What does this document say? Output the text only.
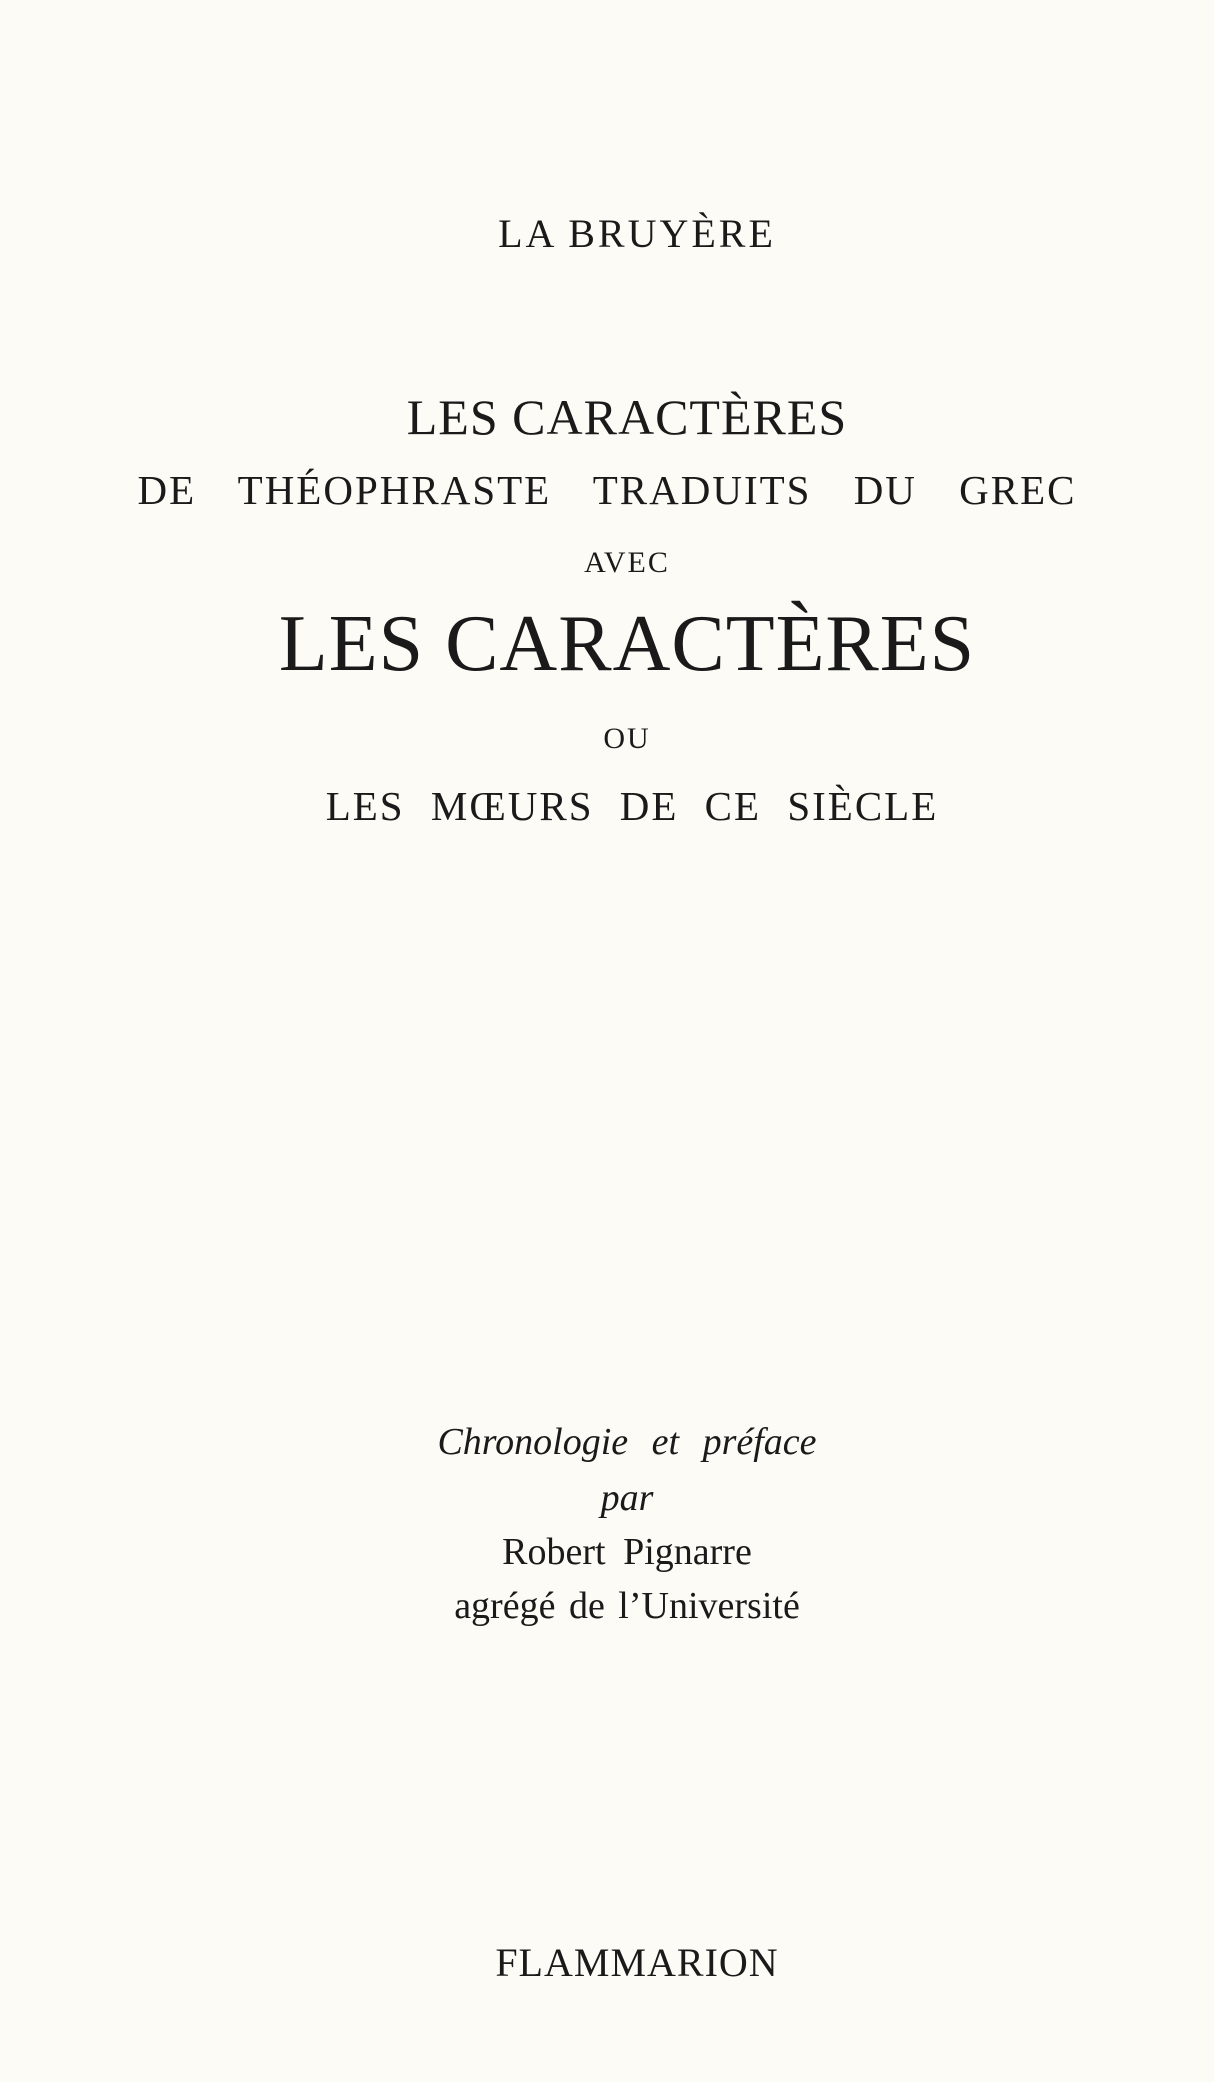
LA BRUYÈRE
LES CARACTÈRES
DE THÉOPHRASTE TRADUITS DU GREC
AVEC
LES CARACTÈRES
OU
LES MŒURS DE CE SIÈCLE
Chronologie et préface
par
Robert Pignarre
agrégé de l’Université
FLAMMARION
